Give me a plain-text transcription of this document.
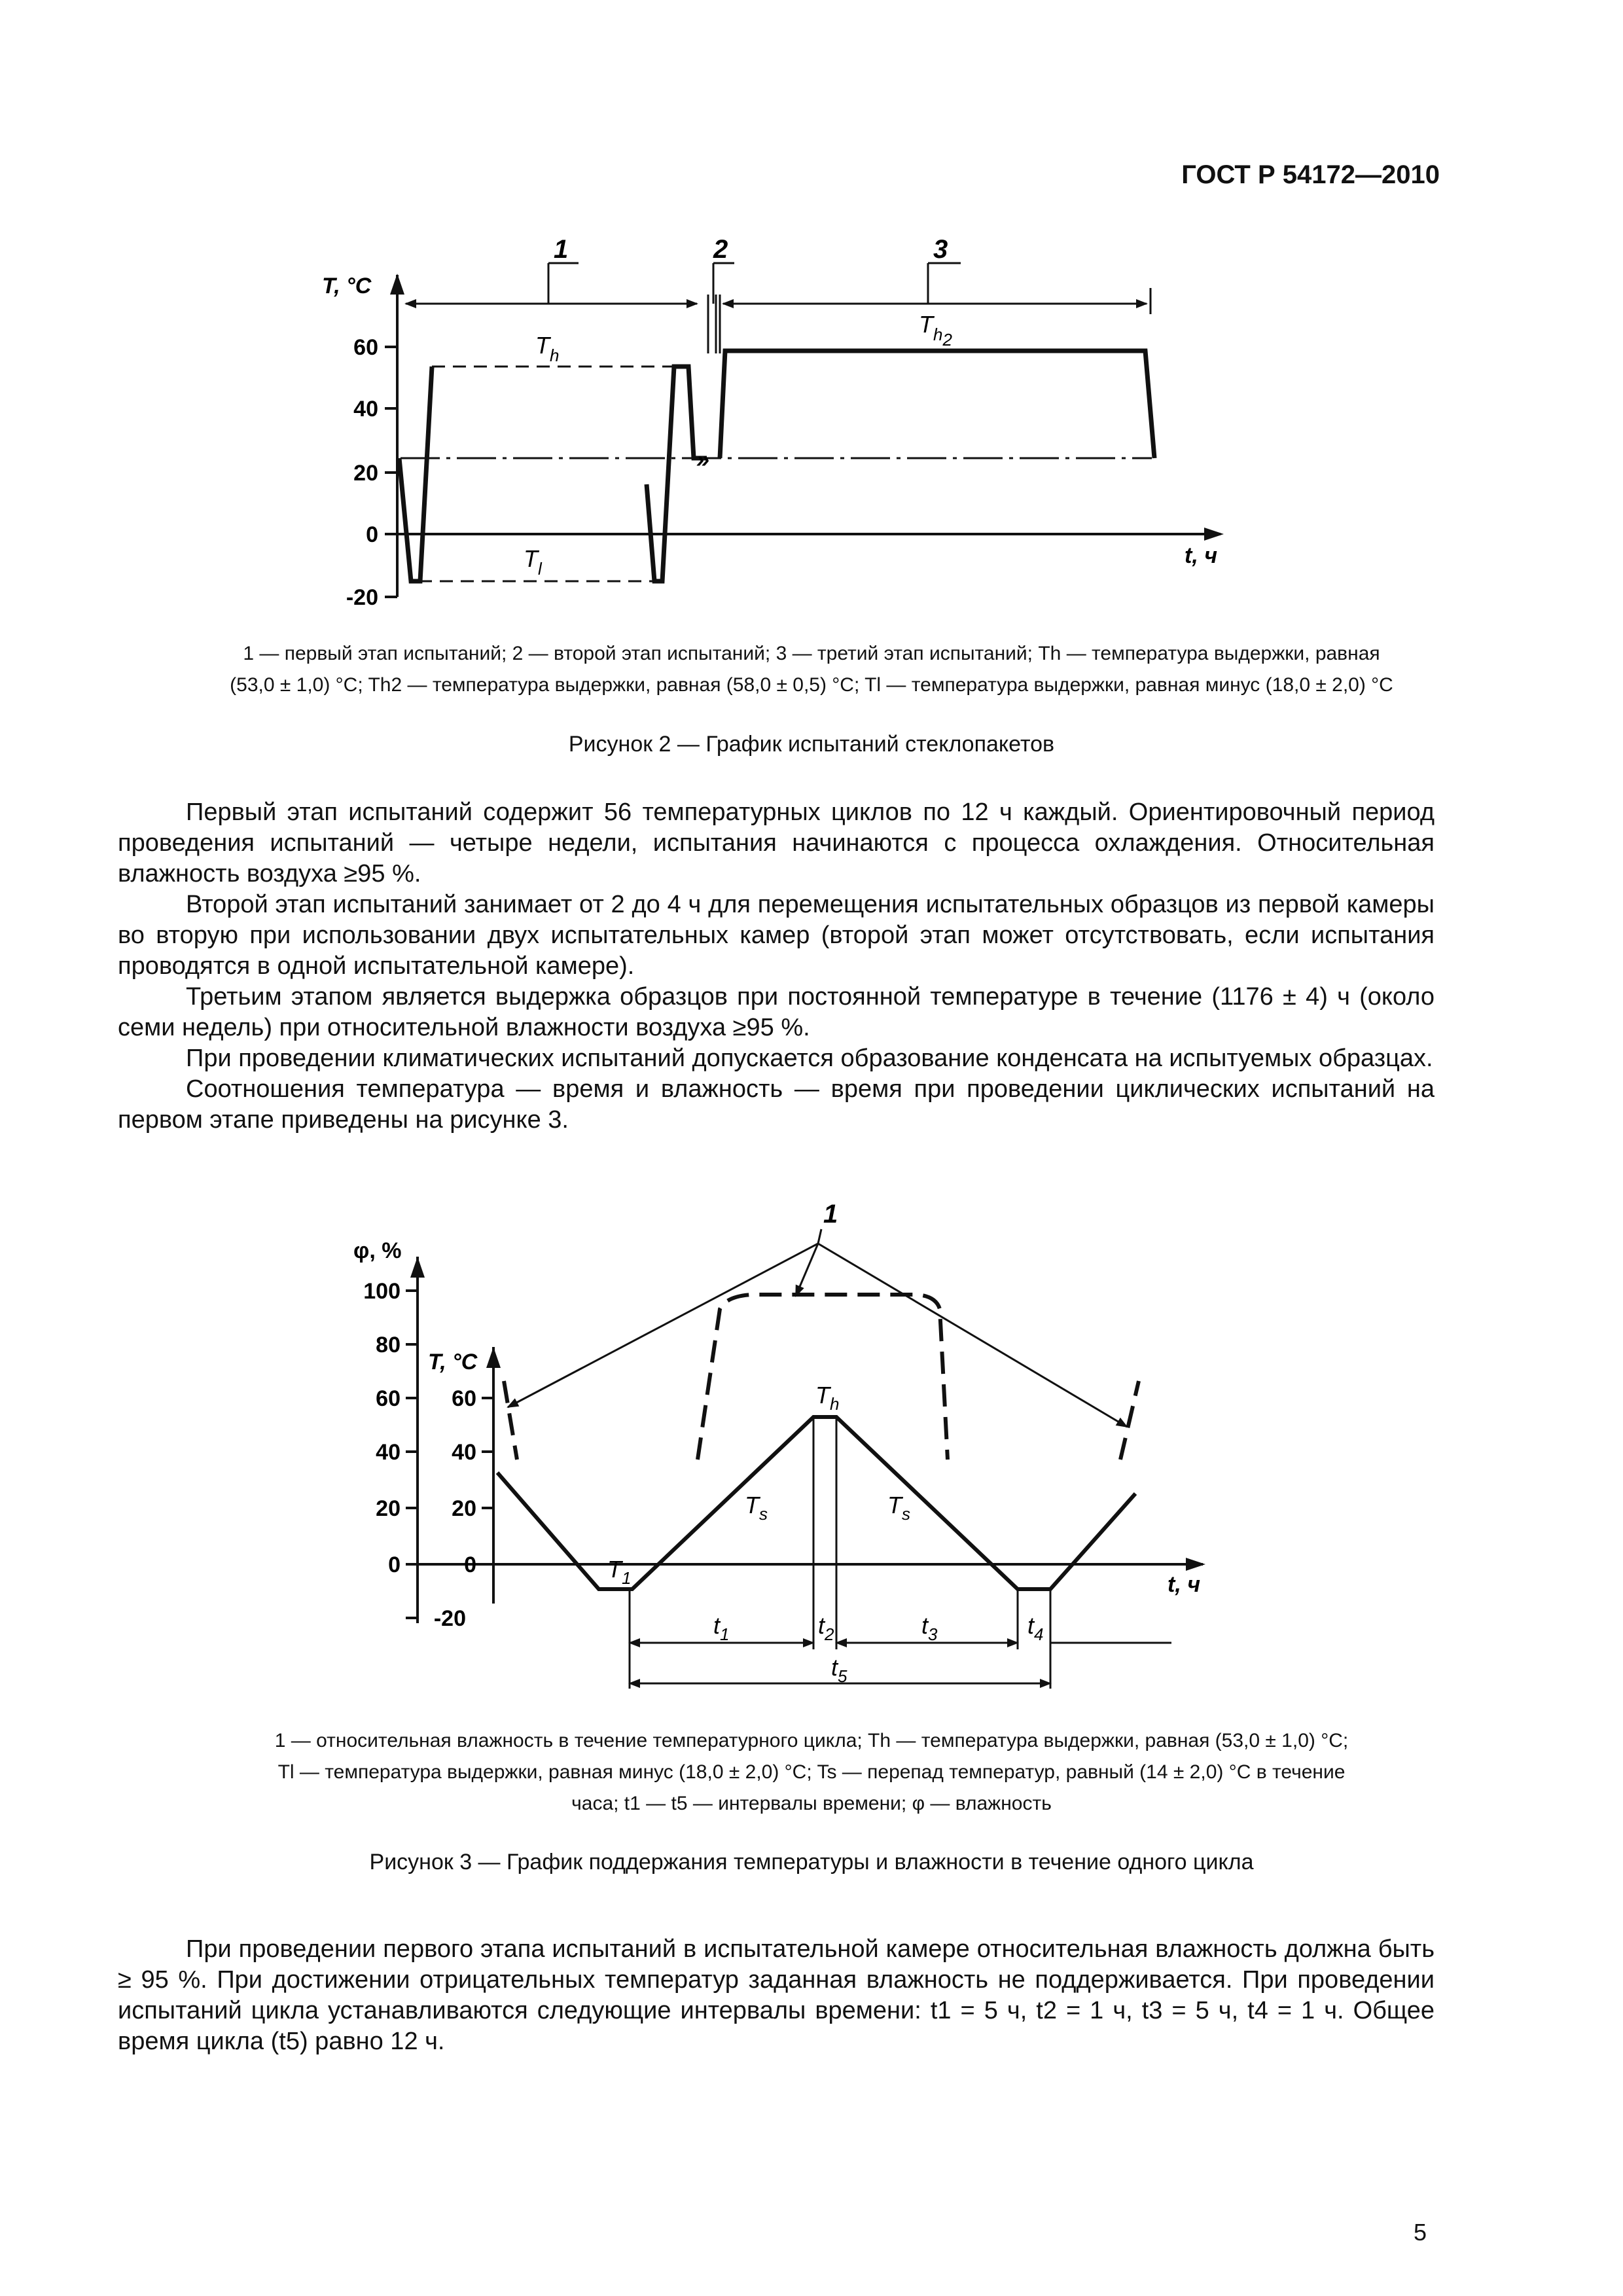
ГОСТ Р 54172—2010
60
40
20
0
-20
T, °C
t, ч
1	2	3
»
$T_h$
$T_{h2}$
$T_l$
1 — первый этап испытаний; 2 — второй этап испытаний; 3 — третий этап испытаний; Th — температура выдержки, равная
(53,0 ± 1,0) °C; Th2 — температура выдержки, равная (58,0 ± 0,5) °C; Tl — температура выдержки, равная минус (18,0 ± 2,0) °C
Рисунок 2 — График испытаний стеклопакетов
Первый этап испытаний содержит 56 температурных циклов по 12 ч каждый. Ориентировочный период проведения испытаний — четыре недели, испытания начинаются с процесса охлаждения. Относительная влажность воздуха ≥95 %.
Второй этап испытаний занимает от 2 до 4 ч для перемещения испытательных образцов из первой камеры во вторую при использовании двух испытательных камер (второй этап может отсутствовать, если испытания проводятся в одной испытательной камере).
Третьим этапом является выдержка образцов при постоянной температуре в течение (1176 ± 4) ч (около семи недель) при относительной влажности воздуха ≥95 %.
При проведении климатических испытаний допускается образование конденсата на испытуемых образцах.
Соотношения температура — время и влажность — время при проведении циклических испытаний на первом этапе приведены на рисунке 3.
100
80
60
40
20
0
-20
60
40
20
0
φ, %
T, °C
t, ч
1
$t_1$	$t_2$	$t_3$	$t_4$
$t_5$
$T_h$
$T_s$	$T_s$
$T_1$
1 — относительная влажность в течение температурного цикла; Th — температура выдержки, равная (53,0 ± 1,0) °C;
Tl — температура выдержки, равная минус (18,0 ± 2,0) °C; Ts — перепад температур, равный (14 ± 2,0) °C в течение
часа; t1 — t5 — интервалы времени; φ — влажность
Рисунок 3 — График поддержания температуры и влажности в течение одного цикла
При проведении первого этапа испытаний в испытательной камере относительная влажность должна быть ≥ 95 %. При достижении отрицательных температур заданная влажность не поддерживается. При проведении испытаний цикла устанавливаются следующие интервалы времени: t1 = 5 ч, t2 = 1 ч, t3 = 5 ч, t4 = 1 ч. Общее время цикла (t5) равно 12 ч.
5
